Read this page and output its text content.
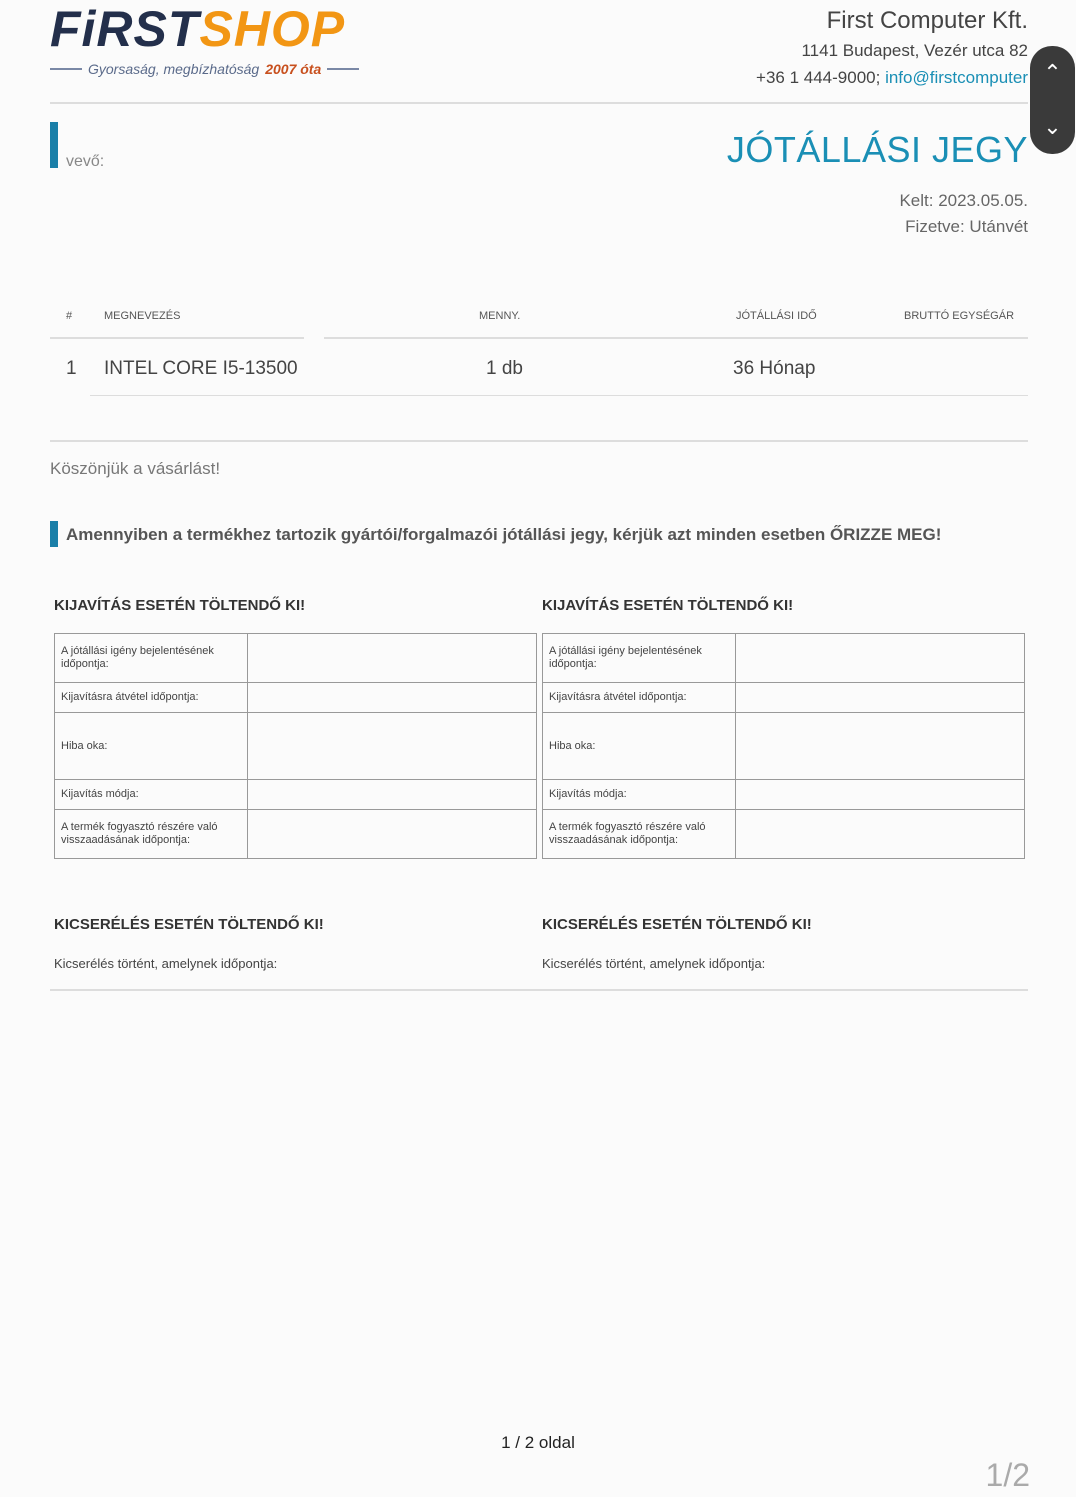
FiRSTSHOP
Gyorsaság, megbízhatóság 2007 óta
First Computer Kft.
1141 Budapest, Vezér utca 82
+36 1 444-9000; info@firstcomputer
vevő:	JÓTÁLLÁSI JEGY
Kelt: 2023.05.05.
Fizetve: Utánvét
#	MEGNEVEZÉS	MENNY.	JÓTÁLLÁSI IDŐ	BRUTTÓ EGYSÉGÁR
1 INTEL CORE I5-13500	1 db	36 Hónap
Köszönjük a vásárlást!
Amennyiben a termékhez tartozik gyártói/forgalmazói jótállási jegy, kérjük azt minden esetben ŐRIZZE MEG!
KIJAVÍTÁS ESETÉN TÖLTENDŐ KI!	KIJAVÍTÁS ESETÉN TÖLTENDŐ KI!
A jótállási igény bejelentésének időpontja:	
Kijavításra átvétel időpontja:	
Hiba oka:	
Kijavítás módja:	
A termék fogyasztó részére való visszaadásának időpontja:	
A jótállási igény bejelentésének időpontja:	
Kijavításra átvétel időpontja:	
Hiba oka:	
Kijavítás módja:	
A termék fogyasztó részére való visszaadásának időpontja:	
KICSERÉLÉS ESETÉN TÖLTENDŐ KI!	KICSERÉLÉS ESETÉN TÖLTENDŐ KI!
Kicserélés történt, amelynek időpontja:	Kicserélés történt, amelynek időpontja:
1 / 2 oldal
1/2
⌃
⌄
